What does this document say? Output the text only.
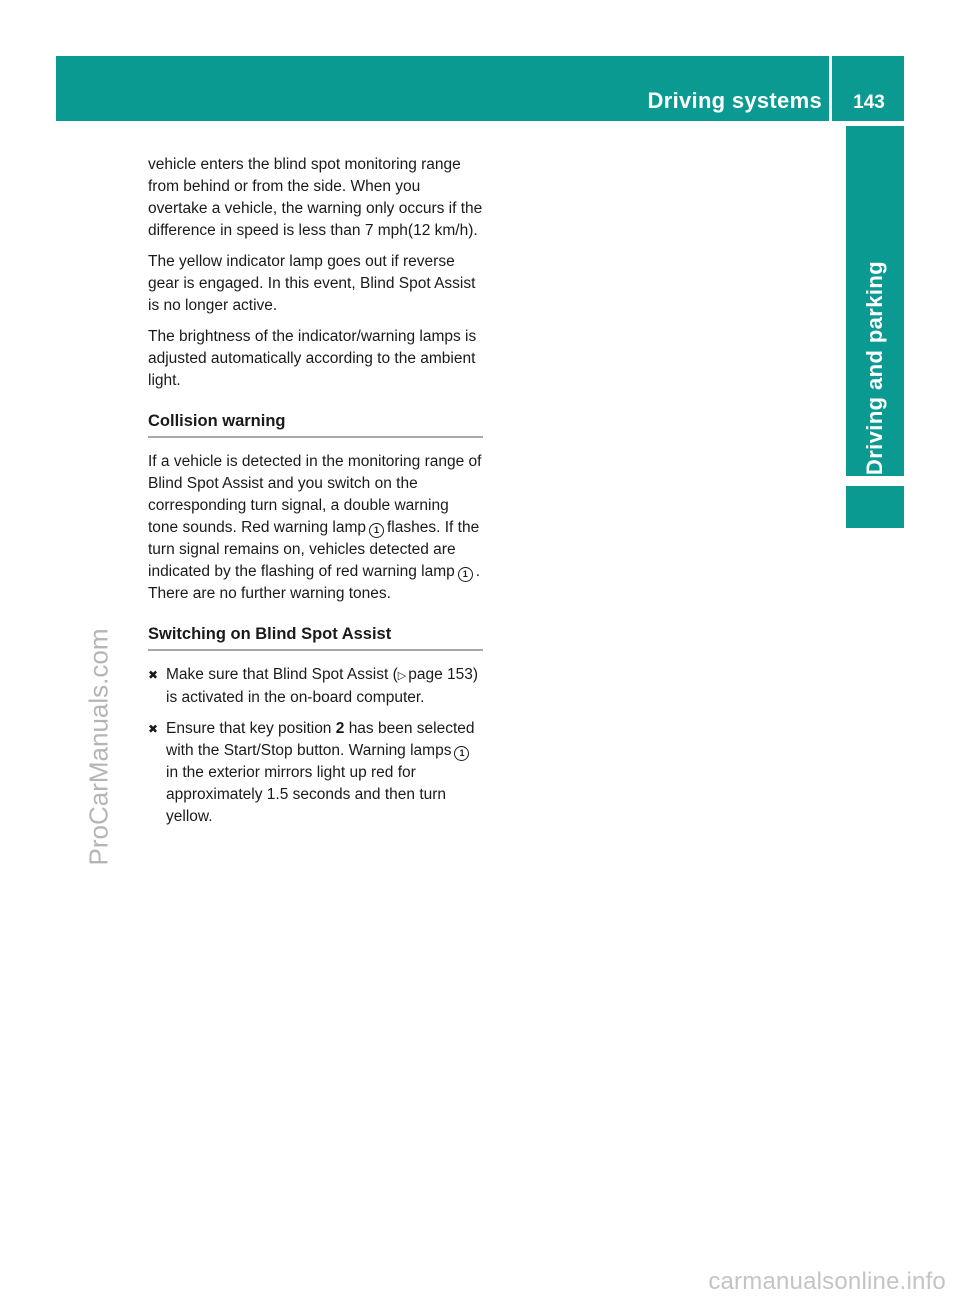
Driving systems	143
Driving and parking
ProCarManuals.com
carmanualsonline.info

vehicle enters the blind spot monitoring range from behind or from the side. When you overtake a vehicle, the warning only occurs if the difference in speed is less than 7 mph(12 km/h).

The yellow indicator lamp goes out if reverse gear is engaged. In this event, Blind Spot Assist is no longer active.

The brightness of the indicator/warning lamps is adjusted automatically according to the ambient light.

Collision warning

If a vehicle is detected in the monitoring range of Blind Spot Assist and you switch on the corresponding turn signal, a double warning tone sounds. Red warning lamp 1 flashes. If the turn signal remains on, vehicles detected are indicated by the flashing of red warning lamp 1 . There are no further warning tones.

Switching on Blind Spot Assist
✖ Make sure that Blind Spot Assist (▷ page 153) is activated in the on-board computer.
✖ Ensure that key position 2 has been selected with the Start/Stop button. Warning lamps 1in the exterior mirrors light up red for approximately 1.5 seconds and then turn yellow.
